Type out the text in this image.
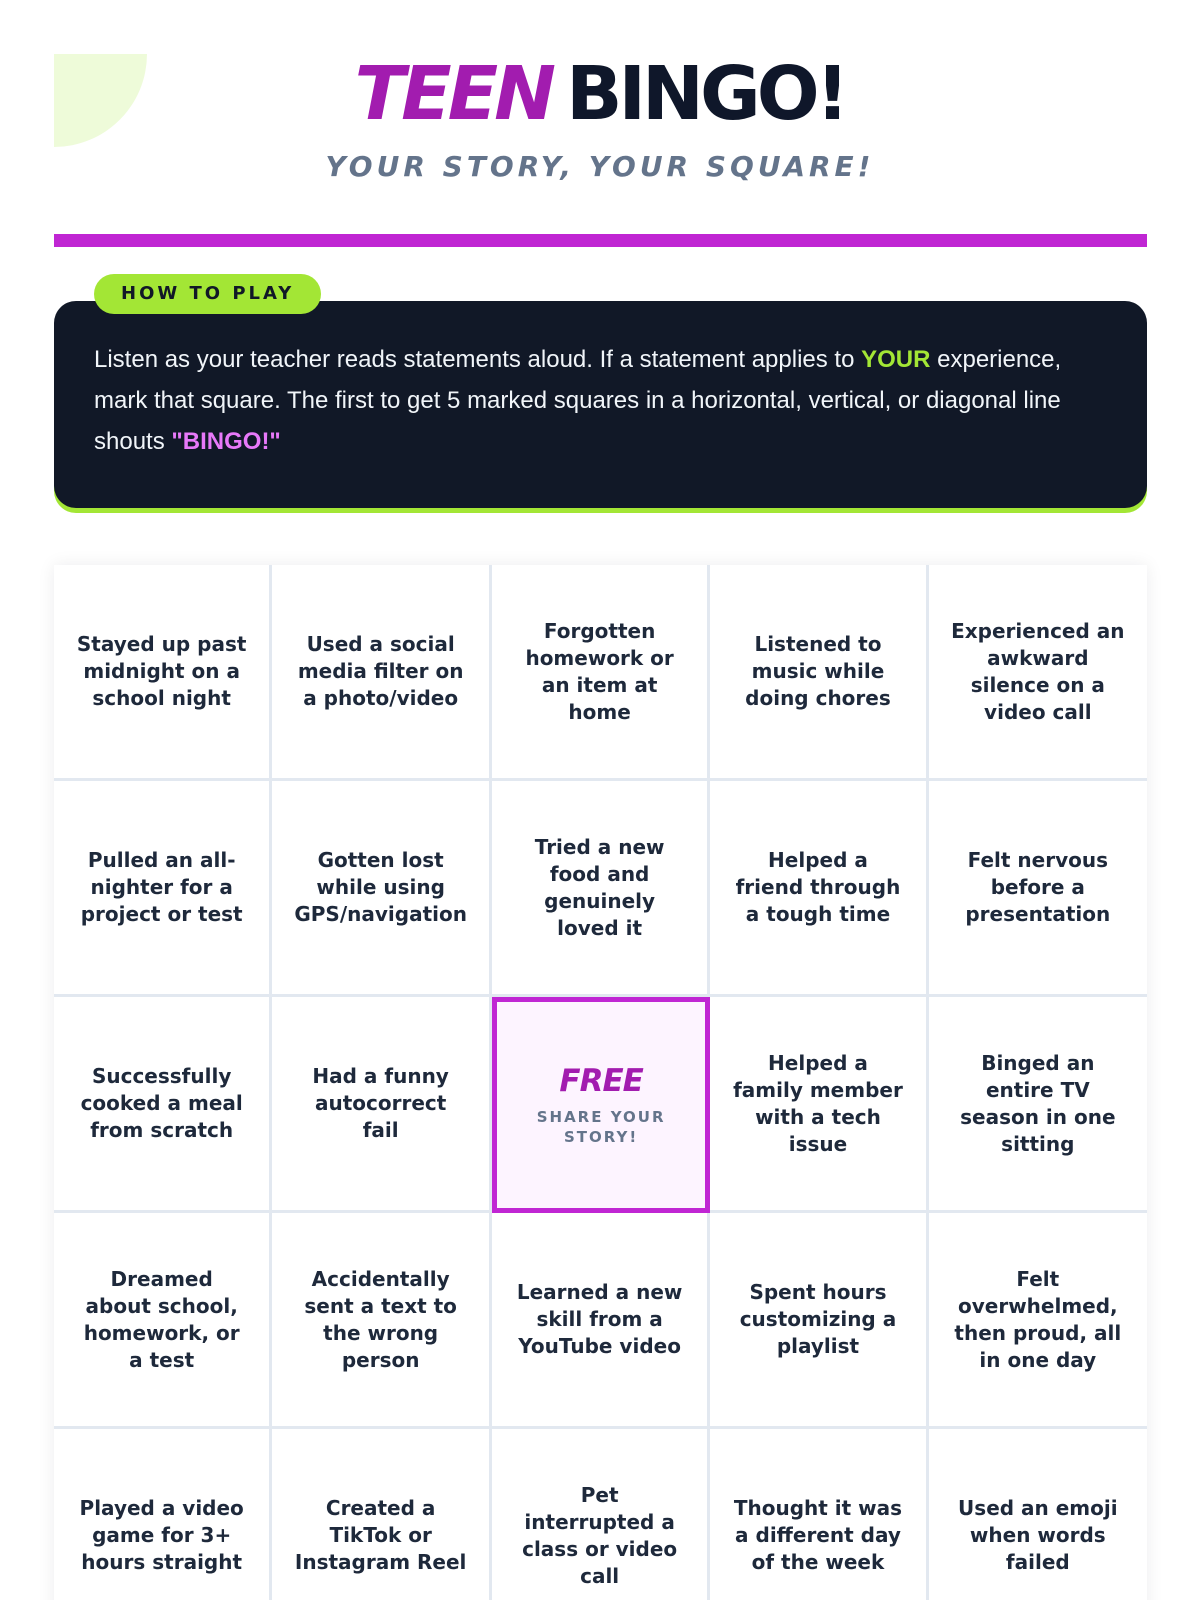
TEEN BINGO!
YOUR STORY, YOUR SQUARE!
HOW TO PLAY

Listen as your teacher reads statements aloud. If a statement applies to YOUR experience, mark that square. The first to get 5 marked squares in a horizontal, vertical, or diagonal line shouts "BINGO!"

Stayed up past midnight on a school night
Used a social media filter on a photo/video
Forgotten homework or an item at home
Listened to music while doing chores
Experienced an awkward silence on a video call
Pulled an all-nighter for a project or test
Gotten lost while using GPS/navigation
Tried a new food and genuinely loved it
Helped a friend through a tough time
Felt nervous before a presentation
Successfully cooked a meal from scratch
Had a funny autocorrect fail
FREE
SHARE YOUR STORY!
Helped a family member with a tech issue
Binged an entire TV season in one sitting
Dreamed about school, homework, or a test
Accidentally sent a text to the wrong person
Learned a new skill from a YouTube video
Spent hours customizing a playlist
Felt overwhelmed, then proud, all in one day
Played a video game for 3+ hours straight
Created a TikTok or Instagram Reel
Pet interrupted a class or video call
Thought it was a different day of the week
Used an emoji when words failed
